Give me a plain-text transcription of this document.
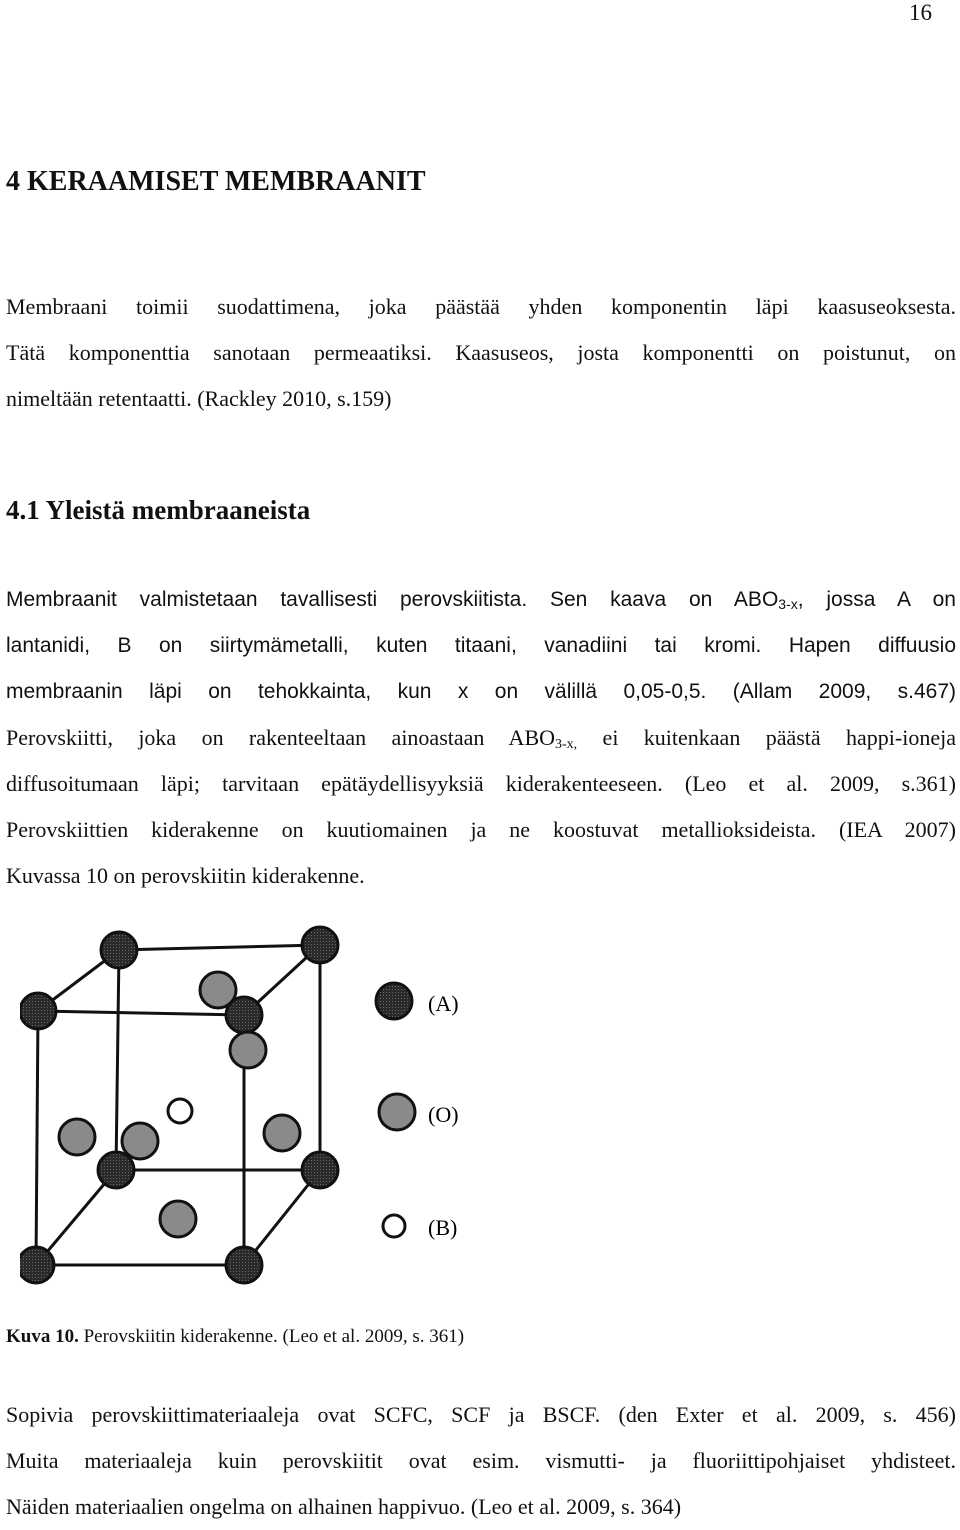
16
4 KERAAMISET MEMBRAANIT
Membraani toimii suodattimena, joka päästää yhden komponentin läpi kaasuseoksesta.
Tätä komponenttia sanotaan permeaatiksi. Kaasuseos, josta komponentti on poistunut, on
nimeltään retentaatti. (Rackley 2010, s.159)
4.1 Yleistä membraaneista
Membraanit valmistetaan tavallisesti perovskiitista. Sen kaava on $ABO_{3-x}$, jossa A on
lantanidi, B on siirtymämetalli, kuten titaani, vanadiini tai kromi. Hapen diffuusio
membraanin läpi on tehokkainta, kun x on välillä 0,05-0,5. (Allam 2009, s.467)
Perovskiitti, joka on rakenteeltaan ainoastaan $ABO_{3-x,}$ ei kuitenkaan päästä happi-ioneja
diffusoitumaan läpi; tarvitaan epätäydellisyyksiä kiderakenteeseen. (Leo et al. 2009, s.361)
Perovskiittien kiderakenne on kuutiomainen ja ne koostuvat metallioksideista. (IEA 2007)
Kuvassa 10 on perovskiitin kiderakenne.
(A)
(O)
(B)
Kuva 10. Perovskiitin kiderakenne. (Leo et al. 2009, s. 361)
Sopivia perovskiittimateriaaleja ovat SCFC, SCF ja BSCF. (den Exter et al. 2009, s. 456)
Muita materiaaleja kuin perovskiitit ovat esim. vismutti- ja fluoriittipohjaiset yhdisteet.
Näiden materiaalien ongelma on alhainen happivuo. (Leo et al. 2009, s. 364)
